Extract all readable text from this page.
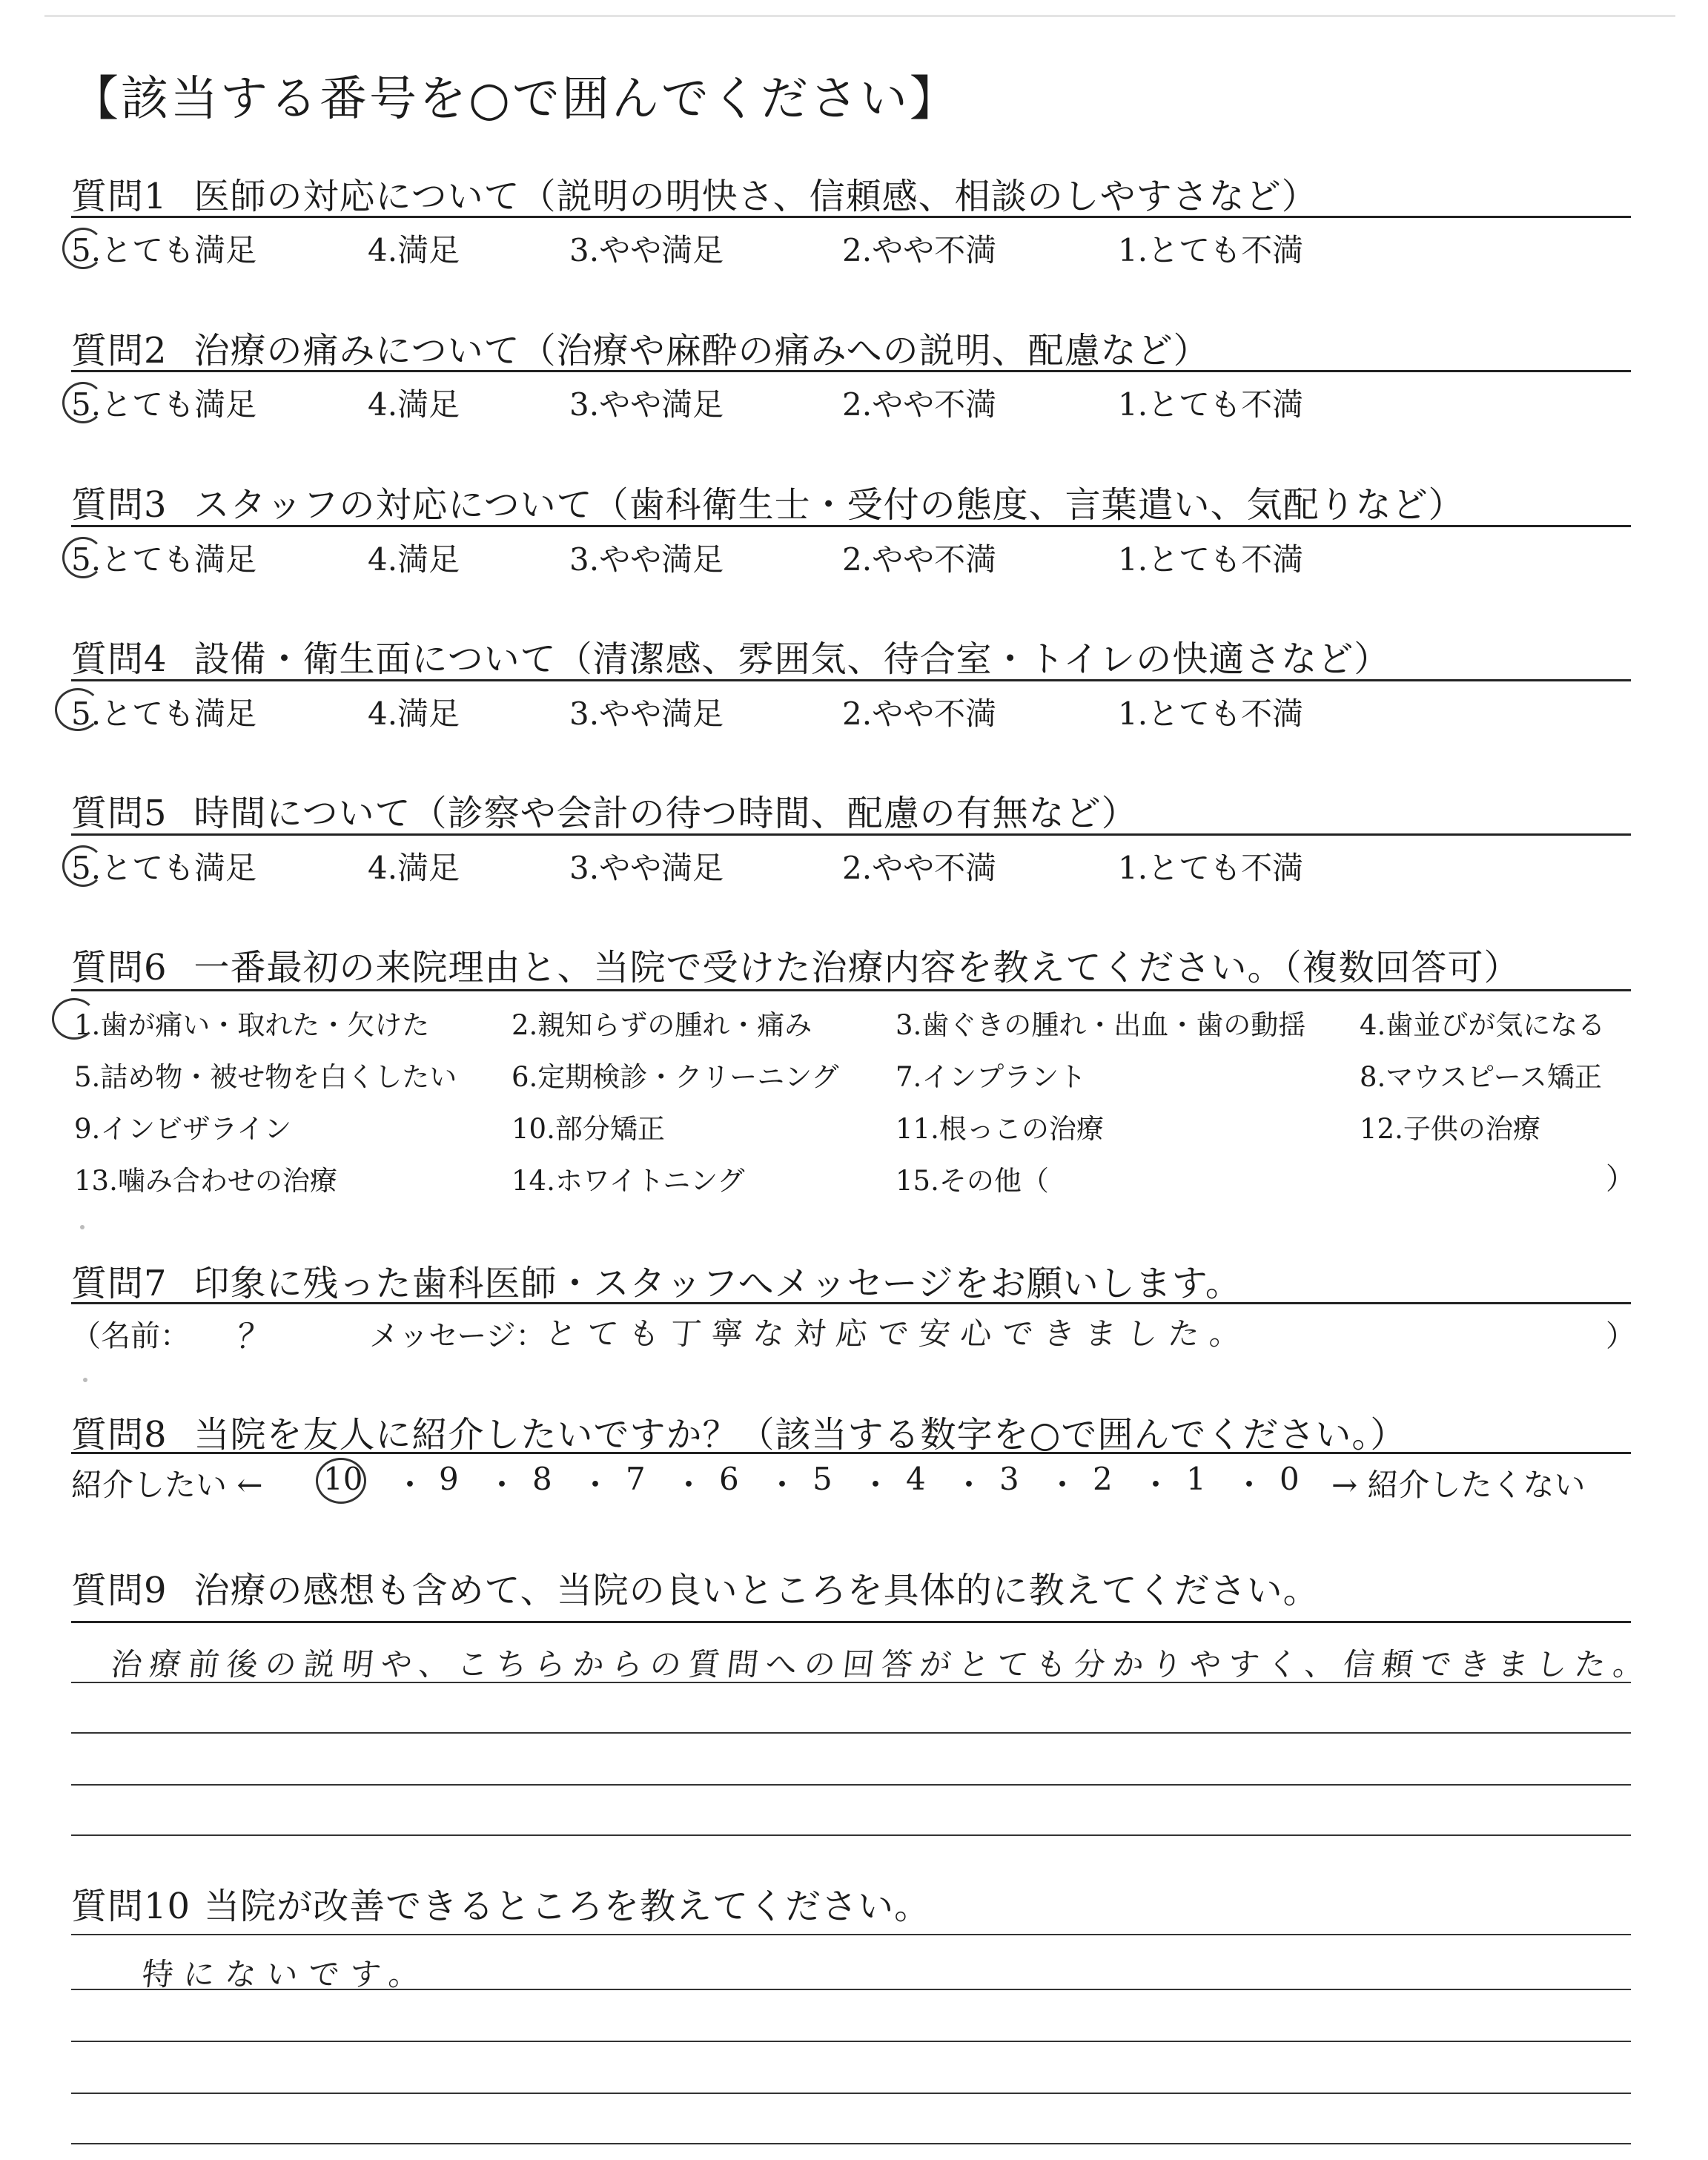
【該当する番号を○で囲んでください】
質問1 医師の対応について（説明の明快さ、信頼感、相談のしやすさなど）
5.とても満足	4.満足	3.やや満足	2.やや不満	1.とても不満
質問2 治療の痛みについて（治療や麻酔の痛みへの説明、配慮など）
5.とても満足	4.満足	3.やや満足	2.やや不満	1.とても不満
質問3 スタッフの対応について（歯科衛生士・受付の態度、言葉遣い、気配りなど）
5.とても満足	4.満足	3.やや満足	2.やや不満	1.とても不満
質問4 設備・衛生面について（清潔感、雰囲気、待合室・トイレの快適さなど）
5.とても満足	4.満足	3.やや満足	2.やや不満	1.とても不満
質問5 時間について（診察や会計の待つ時間、配慮の有無など）
5.とても満足	4.満足	3.やや満足	2.やや不満	1.とても不満
質問6 一番最初の来院理由と、当院で受けた治療内容を教えてください。（複数回答可）
1.歯が痛い・取れた・欠けた	2.親知らずの腫れ・痛み	3.歯ぐきの腫れ・出血・歯の動揺 4.歯並びが気になる
5.詰め物・被せ物を白くしたい 6.定期検診・クリーニング 7.インプラント	8.マウスピース矯正
9.インビザライン	10.部分矯正	11.根っこの治療	12.子供の治療
13.噛み合わせの治療	14.ホワイトニング	15.その他（	）
質問7 印象に残った歯科医師・スタッフへメッセージをお願いします。
（名前： ？	メッセージ：
とても丁寧な対応で安心できました。	）
質問8 当院を友人に紹介したいですか？（該当する数字を○で囲んでください。）
紹介したい ← 10 ・ 9 ・ 8 ・ 7 ・ 6 ・ 5 ・ 4 ・ 3 ・ 2 ・ 1 ・ 0 → 紹介したくない
質問9 治療の感想も含めて、当院の良いところを具体的に教えてください。
治療前後の説明や、こちらからの質問への回答がとても分かりやすく、信頼できました。
質問10 当院が改善できるところを教えてください。
特にないです。
